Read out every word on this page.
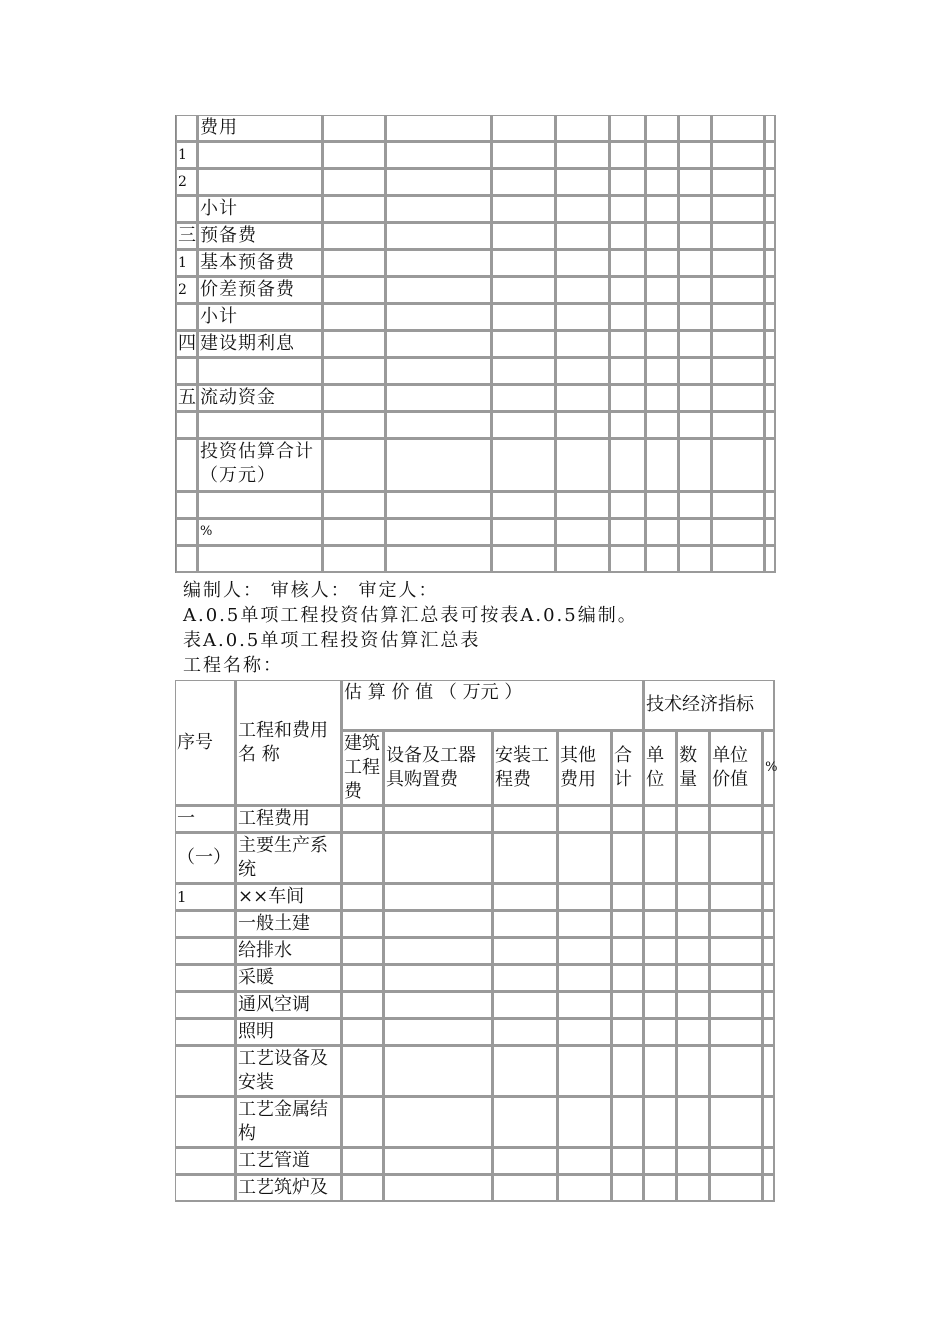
	费用									
1										
2										
	小计									
三	预备费									
1	基本预备费									
2	价差预备费									
	小计									
四	建设期利息									

五	流动资金									

	投资估算合计（万元）									

	%									

编制人： 审核人： 审定人：

A.0.5单项工程投资估算汇总表可按表A.0.5编制。

表A.0.5单项工程投资估算汇总表

工程名称：

序号	工程和费用名 称	估 算 价 值 （ 万元 ）					技术经济指标			
		建筑工程费	设备及工器具购置费	安装工程费	其他费用	合计	单位	数量	单位价值	%
一	工程费用									
（一）	主要生产系统									
1	××车间									
	一般土建									
	给排水									
	采暖									
	通风空调									
	照明									
	工艺设备及安装									
	工艺金属结构									
	工艺管道									
	工艺筑炉及									
